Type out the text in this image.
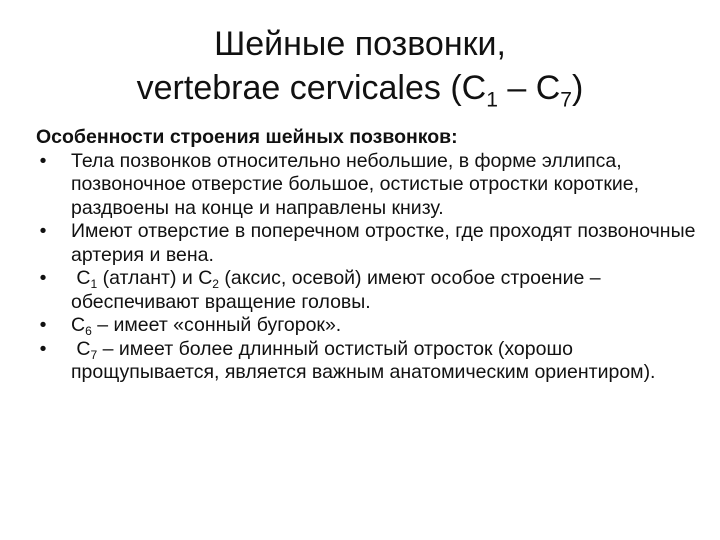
Шейные позвонки,
vertebrae cervicales $(C_1 - C_7)$

Особенности строения шейных позвонков:

• Тела позвонков относительно небольшие, в форме эллипса, позвоночное отверстие большое, остистые отростки короткие, раздвоены на конце и направлены книзу.
• Имеют отверстие в поперечном отростке, где проходят позвоночные артерия и вена.
• $C_1$ (атлант) и $С_2$ (аксис, осевой) имеют особое строение – обеспечивают вращение головы.
• $С_6$ – имеет «сонный бугорок».
• $С_7$ – имеет более длинный остистый отросток (хорошо прощупывается, является важным анатомическим ориентиром).
